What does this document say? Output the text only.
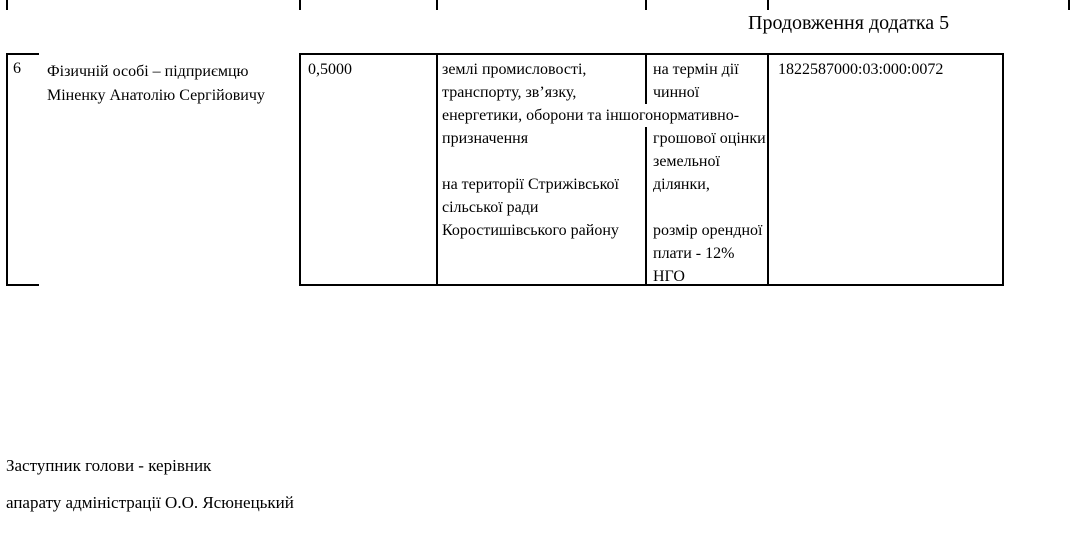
Продовження додатка 5
6 Фізичній особі – підприємцю
Міненку Анатолію Сергійовичу
0,5000	землі промисловості,
транспорту, зв’язку,
енергетики, оборони та іншого
призначення
на території Стрижівської
сільської ради
Коростишівського району
на термін дії
чинної
нормативно-
грошової оцінки
земельної
ділянки,
розмір орендної
плати - 12%
НГО
1822587000:03:000:0072
Заступник голови - керівник
апарату адміністрації О.О. Ясюнецький
